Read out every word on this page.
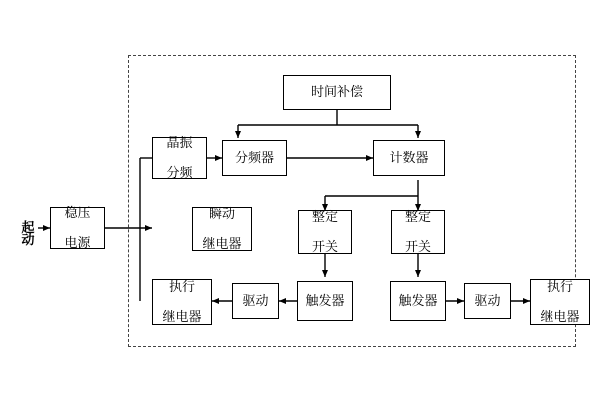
起
动
稳压

电源
时间补偿
晶振

分频
分频器	计数器
瞬动

继电器
整定

开关
整定

开关
触发器	触发器
驱动	驱动
执行

继电器
执行

继电器
